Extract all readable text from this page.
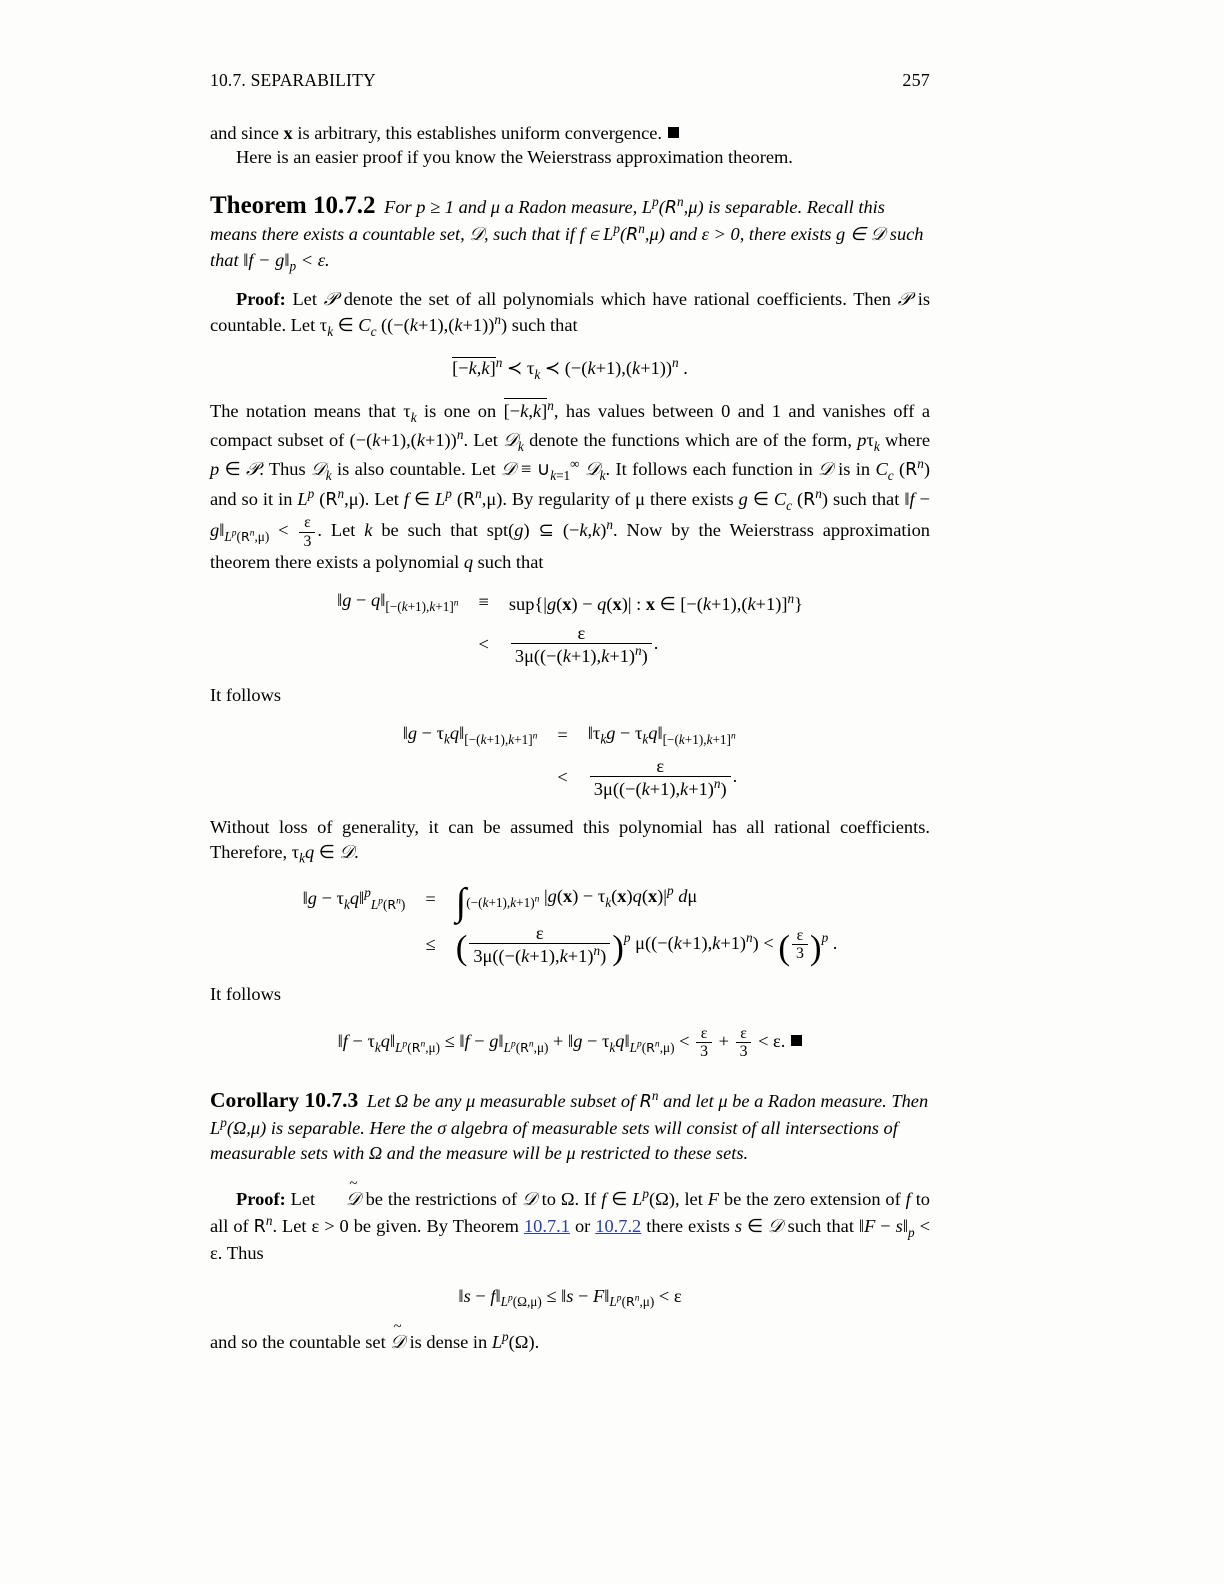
10.7. SEPARABILITY	257

and since x is arbitrary, this establishes uniform convergence.

Here is an easier proof if you know the Weierstrass approximation theorem.

Theorem 10.7.2 For p ≥ 1 and μ a Radon measure, $L^p(R^n,\mu)$ is separable. Recall this means there exists a countable set, 𝒟, such that if f ∈ $L^p(R^n,\mu)$ and ε > 0, there exists g ∈ 𝒟 such that ‖f − $g‖_p < \varepsilon$.

Proof: Let 𝒫 denote the set of all polynomials which have rational coefficients. Then 𝒫 is countable. Let $\tau_k$ ∈ $C_c$ $((-(k+1),(k+1))^n)$ such that

$[-k,k]^n$ ≺ $\tau_k$ ≺ $(-(k+1),(k+1))^n$ .

The notation means that $\tau_k$ is one on $[-k,k]^n$, has values between 0 and 1 and vanishes off a compact subset of $(-(k+1),(k+1))^n$. Let 𝒟$_k$ denote the functions which are of the form, $p\tau_k$ where p ∈ 𝒫. Thus 𝒟$_k$ is also countable. Let 𝒟 ≡ $\cup_{k=1}^\infty$ 𝒟$_k$. It follows each function in 𝒟 is in $C_c$ $(R^n)$ and so it in $L^p$ $(R^n,\mu)$. Let f ∈ $L^p$ $(R^n,\mu)$. By regularity of μ there exists g ∈ $C_c$ $(R^n)$ such that ‖f − $g‖_{L^p(R^n,\mu)} < \frac{\varepsilon}{3}$ . Let k be such that spt(g) ⊆ $(-k,k)^n$. Now by the Weierstrass approximation theorem there exists a polynomial q such that

‖g − $q‖_{[-(k+1),k+1]^n}$	≡	sup{|g(x) − q(x)| : x ∈ $[-(k+1),(k+1)]^n$}
	<	$\frac{\varepsilon}{3\mu((-(k+1),k+1)^n)}$ .

It follows

‖g − $\tau_kq‖_{[-(k+1),k+1]^n}$	=	$‖\tau_kg$ − $\tau_kq‖_{[-(k+1),k+1]^n}$
	<	$\frac{\varepsilon}{3\mu((-(k+1),k+1)^n)}$ .

Without loss of generality, it can be assumed this polynomial has all rational coefficients. Therefore, $\tau_kq$ ∈ 𝒟.

‖g − $\tau_kq‖^p_{L^p(R^n)}$	=	$\int_{(-(k+1),k+1)^n}$ $|g(x) - \tau_k(x)q(x)|^p$ dμ
	≤	( $\frac{\varepsilon}{3\mu((-(k+1),k+1)^n)} )^p$ $\mu((-(k+1),k+1)^n)$ < ( $\frac{\varepsilon}{3} )^p$ .

It follows

‖f − $\tau_kq‖_{L^p(R^n,\mu)}$ ≤ ‖f − $g‖_{L^p(R^n,\mu)}$ + ‖g − $\tau_kq‖_{L^p(R^n,\mu)} < \frac{\varepsilon}{3} + \frac{\varepsilon}{3} < \varepsilon$.
Corollary 10.7.3 Let Ω be any μ measurable subset of $R^n$ and let μ be a Radon measure. Then $L^p(\Omega,\mu)$ is separable. Here the σ algebra of measurable sets will consist of all intersections of measurable sets with Ω and the measure will be μ restricted to these sets.

Proof: Let
~
𝒟 be the restrictions of 𝒟 to Ω. If f ∈ $L^p(\Omega)$, let F be the zero extension of f to all of $R^n$. Let ε > 0 be given. By Theorem 10.7.1 or 10.7.2 there exists s ∈ 𝒟 such that ‖F − $s‖_p < \varepsilon$. Thus

‖s − $f‖_{L^p(\Omega,\mu)}$ ≤ ‖s − $F‖_{L^p(R^n,\mu)} < \varepsilon$

and so the countable set
~
𝒟 is dense in $L^p(\Omega)$.
